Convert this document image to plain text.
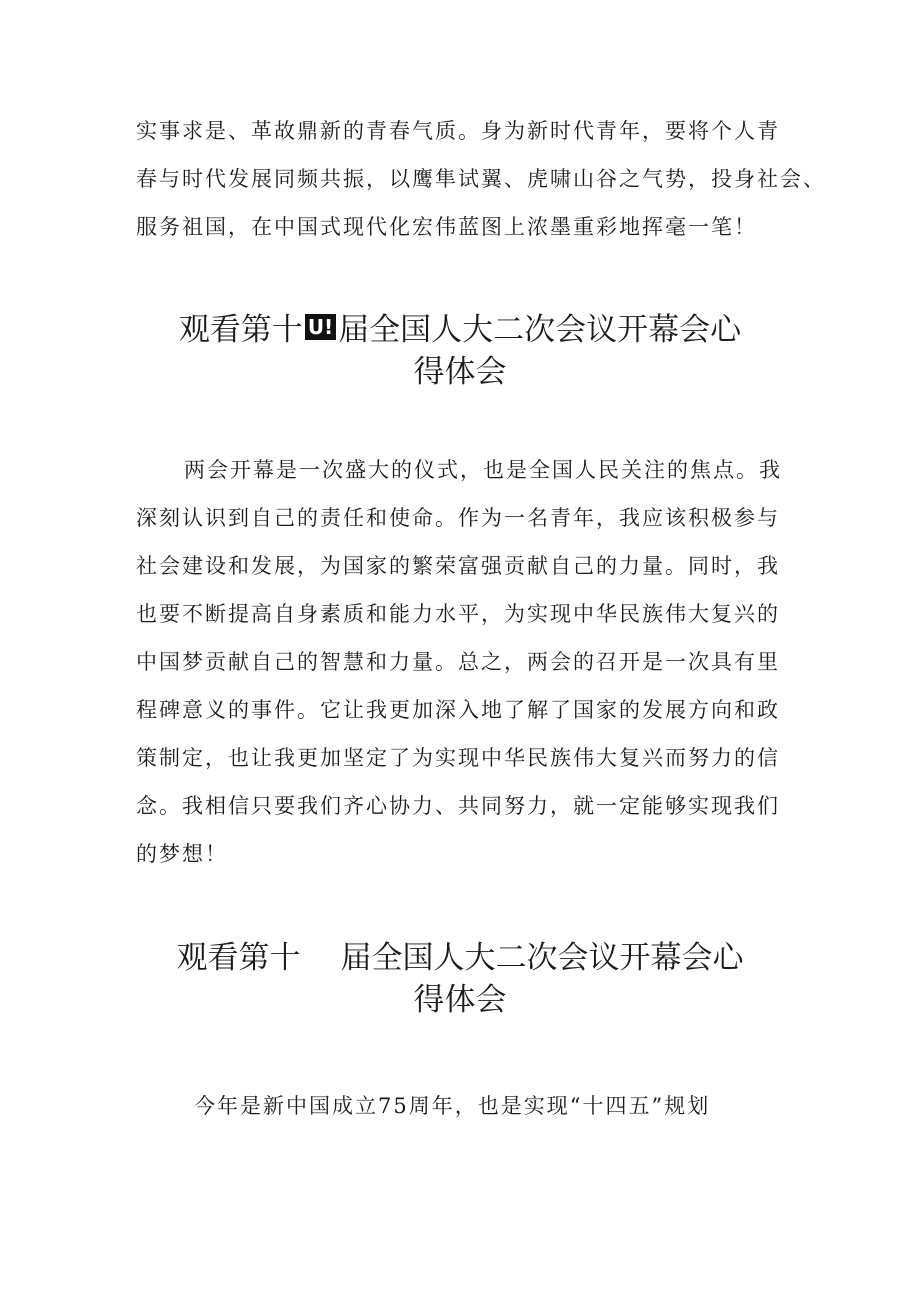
实事求是、革故鼎新的青春气质。身为新时代青年，要将个人青
春与时代发展同频共振，以鹰隼试翼、虎啸山谷之气势，投身社会、
服务祖国，在中国式现代化宏伟蓝图上浓墨重彩地挥毫一笔！
观看第十 U! 届全国人大二次会议开幕会心
得体会
两会开幕是一次盛大的仪式，也是全国人民关注的焦点。我
深刻认识到自己的责任和使命。作为一名青年，我应该积极参与
社会建设和发展，为国家的繁荣富强贡献自己的力量。同时，我
也要不断提高自身素质和能力水平，为实现中华民族伟大复兴的
中国梦贡献自己的智慧和力量。总之，两会的召开是一次具有里
程碑意义的事件。它让我更加深入地了解了国家的发展方向和政
策制定，也让我更加坚定了为实现中华民族伟大复兴而努力的信
念。我相信只要我们齐心协力、共同努力，就一定能够实现我们
的梦想！
观看第十 届全国人大二次会议开幕会心
得体会
今年是新中国成立75周年，也是实现“十四五”规划
